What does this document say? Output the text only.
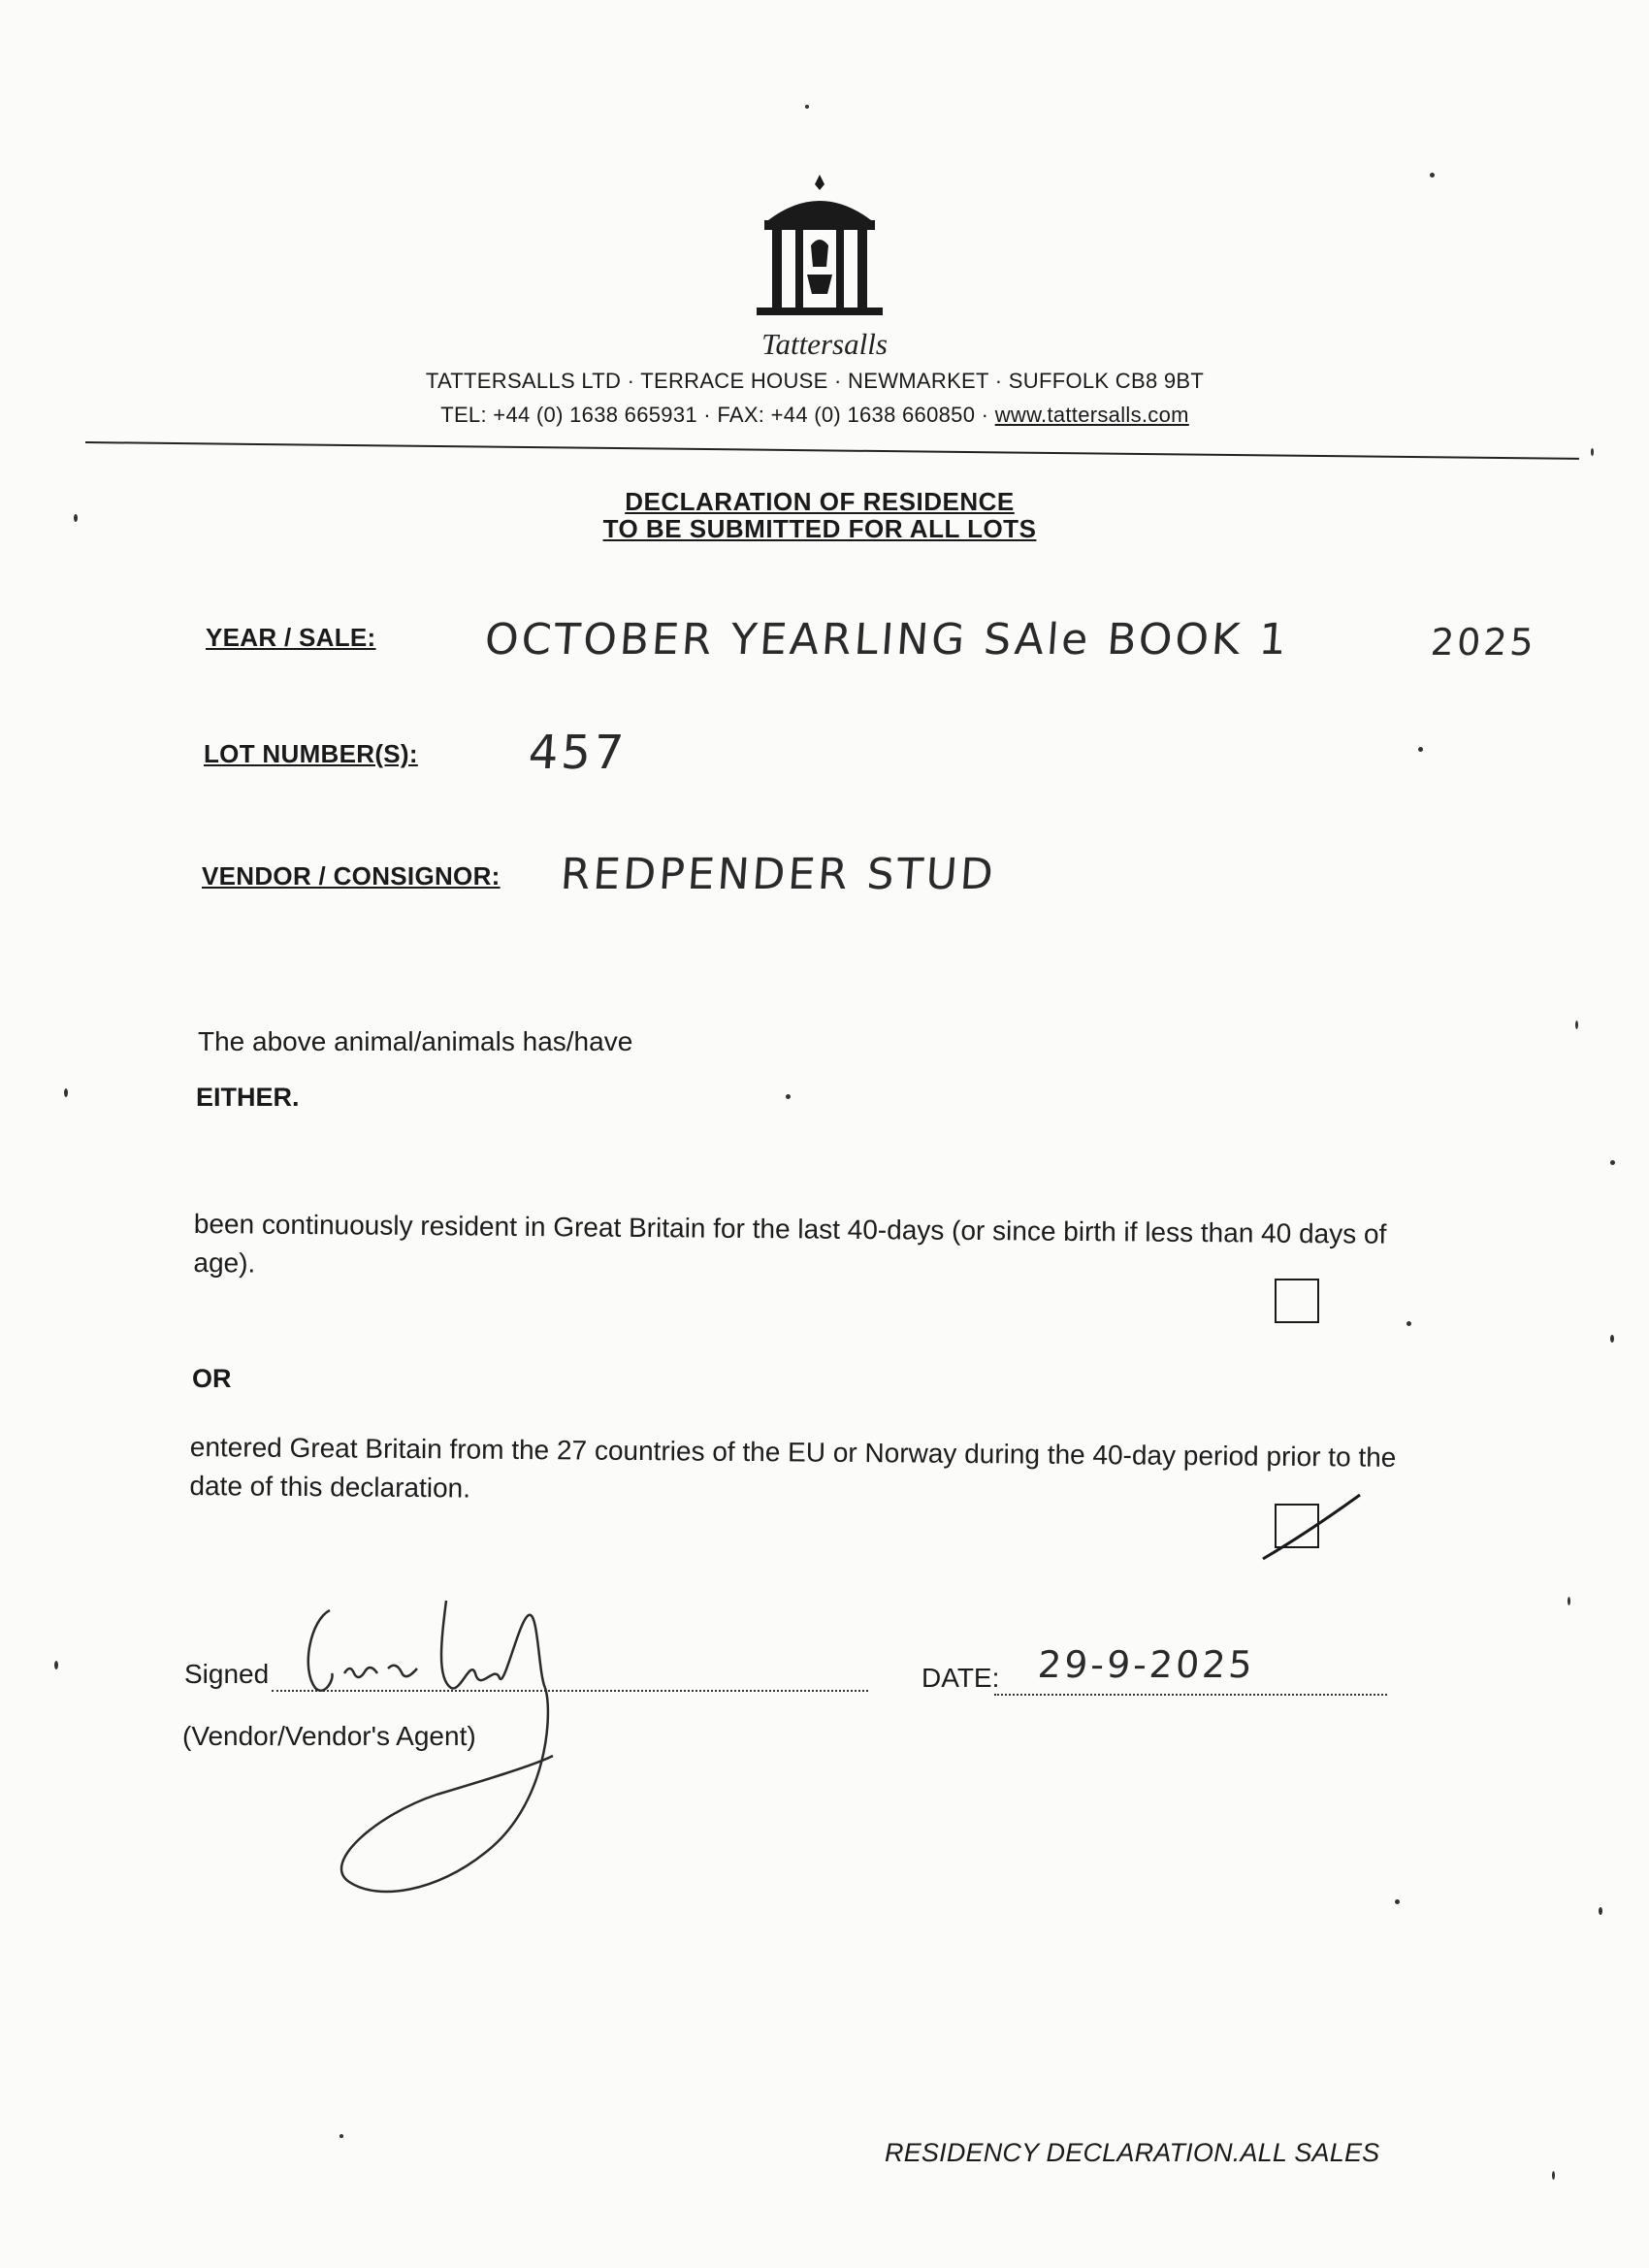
Tattersalls
TATTERSALLS LTD · TERRACE HOUSE · NEWMARKET · SUFFOLK CB8 9BT
TEL: +44 (0) 1638 665931 · FAX: +44 (0) 1638 660850 · www.tattersalls.com
DECLARATION OF RESIDENCE
TO BE SUBMITTED FOR ALL LOTS
YEAR / SALE:	OCTOBER YEARLING SAle BOOK 1	2025
LOT NUMBER(S): 457
VENDOR / CONSIGNOR: REDPENDER STUD
The above animal/animals has/have
EITHER.
been continuously resident in Great Britain for the last 40-days (or since birth if less than 40 days of age).
OR
entered Great Britain from the 27 countries of the EU or Norway during the 40-day period prior to the date of this declaration.
Signed
(Vendor/Vendor's Agent)
DATE: 29-9-2025
RESIDENCY DECLARATION.ALL SALES
